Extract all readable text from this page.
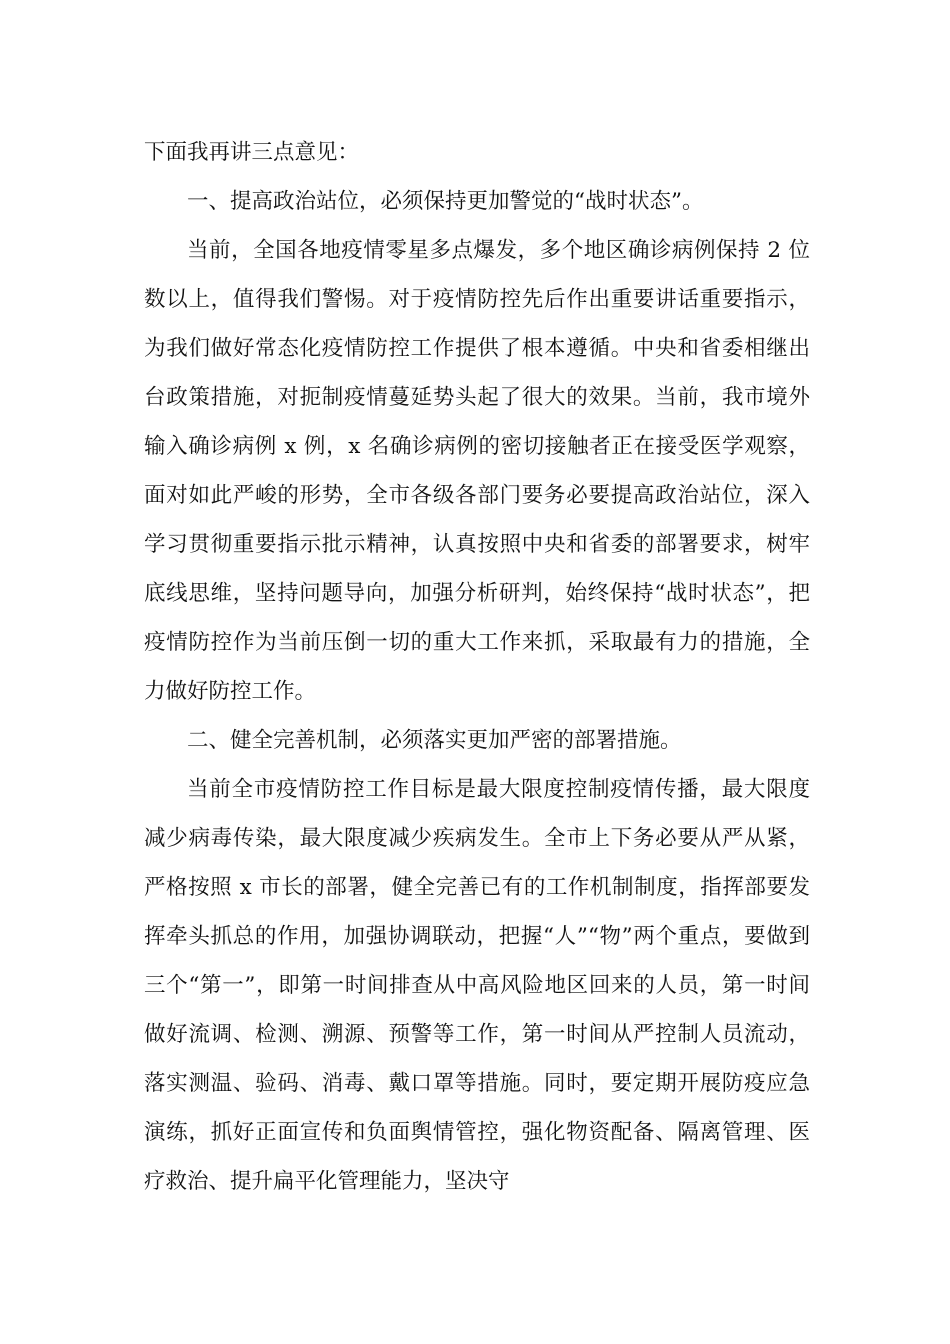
下面我再讲三点意见：

一、提高政治站位，必须保持更加警觉的“战时状态”。

当前，全国各地疫情零星多点爆发，多个地区确诊病例保持 2 位数以上，值得我们警惕。对于疫情防控先后作出重要讲话重要指示，为我们做好常态化疫情防控工作提供了根本遵循。中央和省委相继出台政策措施，对扼制疫情蔓延势头起了很大的效果。当前，我市境外输入确诊病例 x 例，x 名确诊病例的密切接触者正在接受医学观察，面对如此严峻的形势，全市各级各部门要务必要提高政治站位，深入学习贯彻重要指示批示精神，认真按照中央和省委的部署要求，树牢底线思维，坚持问题导向，加强分析研判，始终保持“战时状态”，把疫情防控作为当前压倒一切的重大工作来抓，采取最有力的措施，全力做好防控工作。

二、健全完善机制，必须落实更加严密的部署措施。

当前全市疫情防控工作目标是最大限度控制疫情传播，最大限度减少病毒传染，最大限度减少疾病发生。全市上下务必要从严从紧，严格按照 x 市长的部署，健全完善已有的工作机制制度，指挥部要发挥牵头抓总的作用，加强协调联动，把握“人”“物”两个重点，要做到三个“第一”，即第一时间排查从中高风险地区回来的人员，第一时间做好流调、检测、溯源、预警等工作，第一时间从严控制人员流动，落实测温、验码、消毒、戴口罩等措施。同时，要定期开展防疫应急演练，抓好正面宣传和负面舆情管控，强化物资配备、隔离管理、医疗救治、提升扁平化管理能力，坚决守
